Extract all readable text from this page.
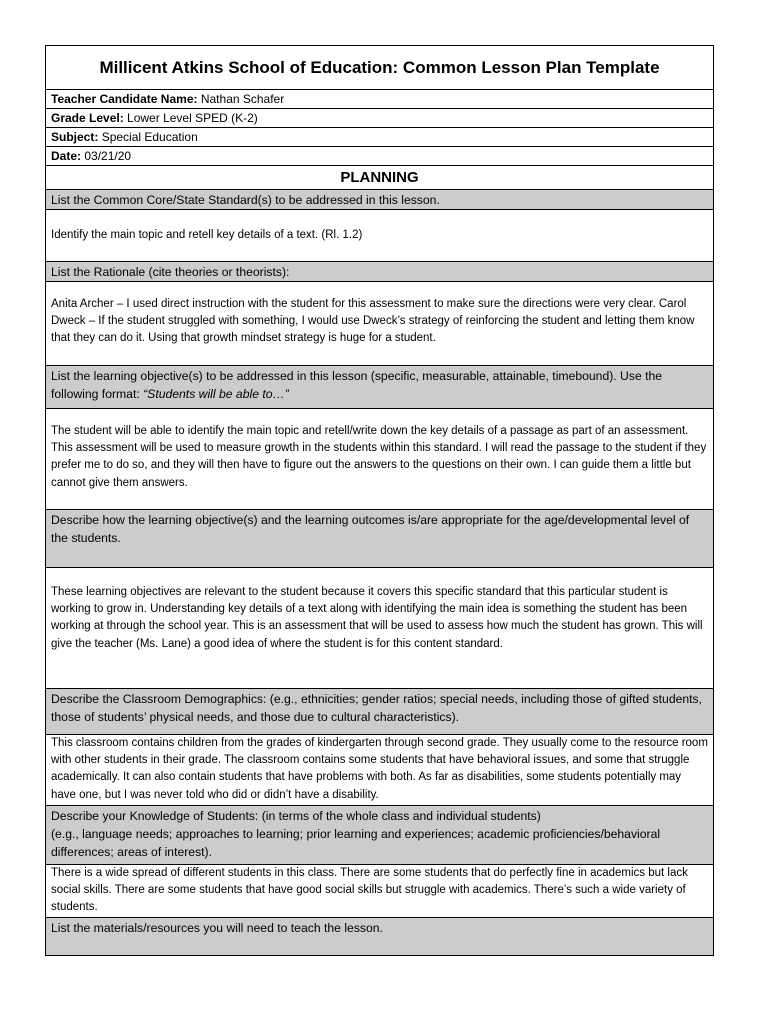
Millicent Atkins School of Education: Common Lesson Plan Template
Teacher Candidate Name: Nathan Schafer
Grade Level: Lower Level SPED (K-2)
Subject: Special Education
Date: 03/21/20
PLANNING
List the Common Core/State Standard(s) to be addressed in this lesson.
Identify the main topic and retell key details of a text. (Rl. 1.2)
List the Rationale (cite theories or theorists):
Anita Archer – I used direct instruction with the student for this assessment to make sure the directions were very clear. Carol Dweck – If the student struggled with something, I would use Dweck’s strategy of reinforcing the student and letting them know that they can do it. Using that growth mindset strategy is huge for a student.
List the learning objective(s) to be addressed in this lesson (specific, measurable, attainable, timebound). Use the following format: “Students will be able to…”
The student will be able to identify the main topic and retell/write down the key details of a passage as part of an assessment. This assessment will be used to measure growth in the students within this standard. I will read the passage to the student if they prefer me to do so, and they will then have to figure out the answers to the questions on their own. I can guide them a little but cannot give them answers.
Describe how the learning objective(s) and the learning outcomes is/are appropriate for the age/developmental level of the students.
These learning objectives are relevant to the student because it covers this specific standard that this particular student is working to grow in. Understanding key details of a text along with identifying the main idea is something the student has been working at through the school year. This is an assessment that will be used to assess how much the student has grown. This will give the teacher (Ms. Lane) a good idea of where the student is for this content standard.
Describe the Classroom Demographics: (e.g., ethnicities; gender ratios; special needs, including those of gifted students, those of students’ physical needs, and those due to cultural characteristics).
This classroom contains children from the grades of kindergarten through second grade. They usually come to the resource room with other students in their grade. The classroom contains some students that have behavioral issues, and some that struggle academically. It can also contain students that have problems with both. As far as disabilities, some students potentially may have one, but I was never told who did or didn’t have a disability.

Describe your Knowledge of Students: (in terms of the whole class and individual students)
(e.g., language needs; approaches to learning; prior learning and experiences; academic proficiencies/behavioral differences; areas of interest).

There is a wide spread of different students in this class. There are some students that do perfectly fine in academics but lack social skills. There are some students that have good social skills but struggle with academics. There’s such a wide variety of students.
List the materials/resources you will need to teach the lesson.
